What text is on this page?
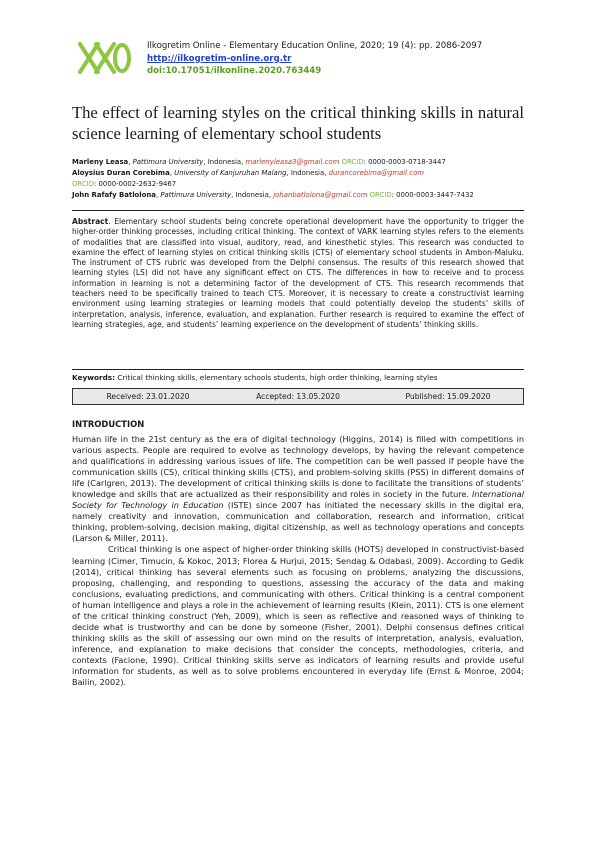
Ilkogretim Online - Elementary Education Online, 2020; 19 (4): pp. 2086-2097
http://ilkogretim-online.org.tr
doi:10.17051/ilkonline.2020.763449
The effect of learning styles on the critical thinking skills in natural science learning of elementary school students
Marleny Leasa, Pattimura University, Indonesia, marlenyleasa3@gmail.com ORCID: 0000-0003-0718-3447
Aloysius Duran Corebima, University of Kanjuruhan Malang, Indonesia, durancorebima@gmail.com
ORCID: 0000-0002-2632-9467
John Rafafy Batlolona, Pattimura University, Indonesia, johanbatlolona@gmail.com ORCID: 0000-0003-3447-7432
Abstract. Elementary school students being concrete operational development have the opportunity to trigger the higher-order thinking processes, including critical thinking. The context of VARK learning styles refers to the elements of modalities that are classified into visual, auditory, read, and kinesthetic styles. This research was conducted to examine the effect of learning styles on critical thinking skills (CTS) of elementary school students in Ambon-Maluku. The instrument of CTS rubric was developed from the Delphi consensus. The results of this research showed that learning styles (LS) did not have any significant effect on CTS. The differences in how to receive and to process information in learning is not a determining factor of the development of CTS. This research recommends that teachers need to be specifically trained to teach CTS. Moreover, it is necessary to create a constructivist learning environment using learning strategies or learning models that could potentially develop the students’ skills of interpretation, analysis, inference, evaluation, and explanation. Further research is required to examine the effect of learning strategies, age, and students’ learning experience on the development of students’ thinking skills.
Keywords: Critical thinking skills, elementary schools students, high order thinking, learning styles
Received: 23.01.2020	Accepted: 13.05.2020	Published: 15.09.2020
INTRODUCTION

Human life in the 21st century as the era of digital technology (Higgins, 2014) is filled with competitions in various aspects. People are required to evolve as technology develops, by having the relevant competence and qualifications in addressing various issues of life. The competition can be well passed if people have the communication skills (CS), critical thinking skills (CTS), and problem-solving skills (PSS) in different domains of life (Carlgren, 2013). The development of critical thinking skills is done to facilitate the transitions of students’ knowledge and skills that are actualized as their responsibility and roles in society in the future. International Society for Technology in Education (ISTE) since 2007 has initiated the necessary skills in the digital era, namely creativity and innovation, communication and collaboration, research and information, critical thinking, problem-solving, decision making, digital citizenship, as well as technology operations and concepts (Larson & Miller, 2011).

Critical thinking is one aspect of higher-order thinking skills (HOTS) developed in constructivist-based learning (Cimer, Timucin, & Kokoc, 2013; Florea & Hurjui, 2015; Sendag & Odabasi, 2009). According to Gedik (2014), critical thinking has several elements such as focusing on problems, analyzing the discussions, proposing, challenging, and responding to questions, assessing the accuracy of the data and making conclusions, evaluating predictions, and communicating with others. Critical thinking is a central component of human intelligence and plays a role in the achievement of learning results (Klein, 2011). CTS is one element of the critical thinking construct (Yeh, 2009), which is seen as reflective and reasoned ways of thinking to decide what is trustworthy and can be done by someone (Fisher, 2001). Delphi consensus defines critical thinking skills as the skill of assessing our own mind on the results of interpretation, analysis, evaluation, inference, and explanation to make decisions that consider the concepts, methodologies, criteria, and contexts (Facione, 1990). Critical thinking skills serve as indicators of learning results and provide useful information for students, as well as to solve problems encountered in everyday life (Ernst & Monroe, 2004; Bailin, 2002).
